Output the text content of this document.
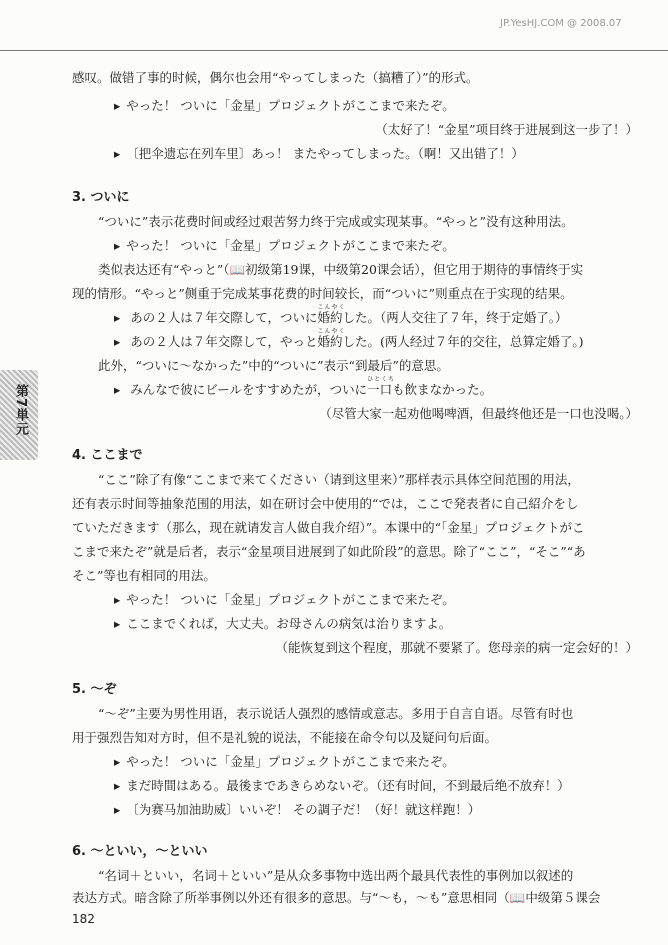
JP.YesHJ.COM @ 2008.07
第7単元
感叹。做错了事的时候，偶尔也会用“やってしまった（搞糟了）”的形式。
▸ やった！ ついに「金星」プロジェクトがここまで来たぞ。
（太好了！“金星”项目终于进展到这一步了！）
▸ 〔把伞遗忘在列车里〕あっ！ またやってしまった。（啊！又出错了！）
3. ついに
“ついに”表示花费时间或经过艰苦努力终于完成或实现某事。“やっと”没有这种用法。
▸ やった！ ついに「金星」プロジェクトがここまで来たぞ。
类似表达还有“やっと”（📖初级第19课，中级第20课会话），但它用于期待的事情终于实
现的情形。“やっと”侧重于完成某事花费的时间较长，而“ついに”则重点在于实现的结果。
▸ あの２人は７年交際して，ついに
こんやく
婚約した。（两人交往了７年，终于定婚了。）
▸ あの２人は７年交際して，やっと
こんやく
婚約した。(两人经过７年的交往，总算定婚了。)
此外，“ついに〜なかった”中的“ついに”表示“到最后”的意思。
▸ みんなで彼にビールをすすめたが，ついに
ひとくち
一口も飲まなかった。
（尽管大家一起劝他喝啤酒，但最终他还是一口也没喝。）
4. ここまで
“ここ”除了有像“ここまで来てください（请到这里来）”那样表示具体空间范围的用法，
还有表示时间等抽象范围的用法，如在研讨会中使用的“では，ここで発表者に自己紹介をし
ていただきます（那么，现在就请发言人做自我介绍）”。本课中的“「金星」プロジェクトがこ
こまで来たぞ”就是后者，表示“金星项目进展到了如此阶段”的意思。除了“ここ”，“そこ”“あ
そこ”等也有相同的用法。
▸ やった！ ついに「金星」プロジェクトがここまで来たぞ。
▸ ここまでくれば，大丈夫。お母さんの病気は治りますよ。
（能恢复到这个程度，那就不要紧了。您母亲的病一定会好的！）
5. 〜ぞ
“〜ぞ”主要为男性用语，表示说话人强烈的感情或意志。多用于自言自语。尽管有时也
用于强烈告知对方时，但不是礼貌的说法，不能接在命令句以及疑问句后面。
▸ やった！ ついに「金星」プロジェクトがここまで来たぞ。
▸ まだ時間はある。最後まであきらめないぞ。（还有时间，不到最后绝不放弃！）
▸ 〔为赛马加油助威〕いいぞ！ その調子だ！（好！就这样跑！）
6. 〜といい，〜といい
“名词＋といい，名词＋といい”是从众多事物中选出两个最具代表性的事例加以叙述的
表达方式。暗含除了所举事例以外还有很多的意思。与“〜も，〜も”意思相同（📖中级第５课会
182
